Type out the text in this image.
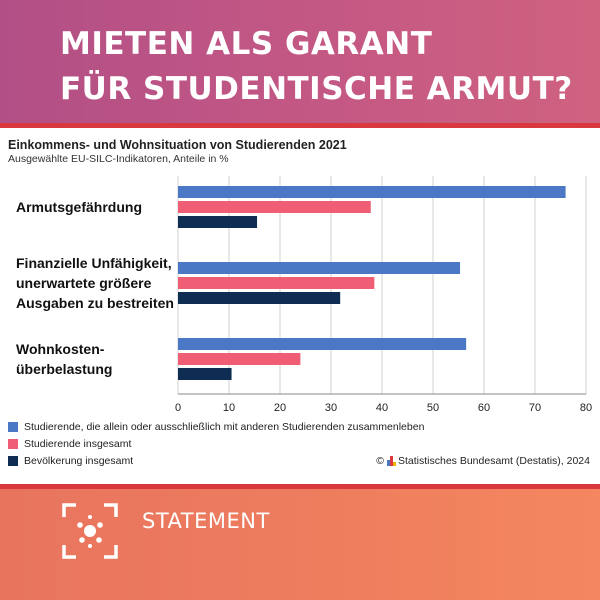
MIETEN ALS GARANT
FÜR STUDENTISCHE ARMUT?

Einkommens- und Wohnsituation von Studierenden 2021

Ausgewählte EU-SILC-Indikatoren, Anteile in %

Armutsgefährdung
Finanzielle Unfähigkeit,
unerwartete größere
Ausgaben zu bestreiten
Wohnkosten-
überbelastung
0	10	20	30	40	50	60	70	80
Studierende, die allein oder ausschließlich mit anderen Studierenden zusammenleben
Studierende insgesamt
Bevölkerung insgesamt	© Statistisches Bundesamt (Destatis), 2024

STATEMENT
